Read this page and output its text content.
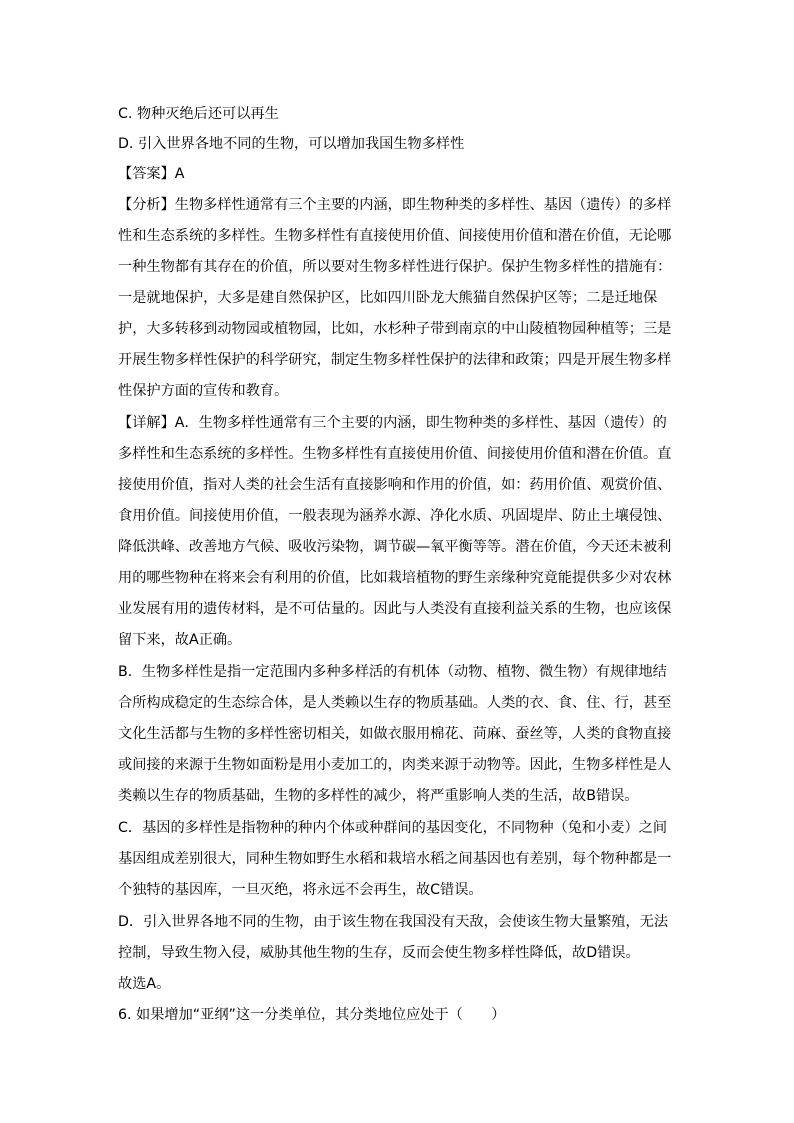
C. 物种灭绝后还可以再生
D. 引入世界各地不同的生物，可以增加我国生物多样性
【答案】A
【分析】生物多样性通常有三个主要的内涵，即生物种类的多样性、基因（遗传）的多样
性和生态系统的多样性。生物多样性有直接使用价值、间接使用价值和潜在价值，无论哪
一种生物都有其存在的价值，所以要对生物多样性进行保护。保护生物多样性的措施有：
一是就地保护，大多是建自然保护区，比如四川卧龙大熊猫自然保护区等；二是迁地保
护，大多转移到动物园或植物园，比如，水杉种子带到南京的中山陵植物园种植等；三是
开展生物多样性保护的科学研究，制定生物多样性保护的法律和政策；四是开展生物多样
性保护方面的宣传和教育。
【详解】A．生物多样性通常有三个主要的内涵，即生物种类的多样性、基因（遗传）的
多样性和生态系统的多样性。生物多样性有直接使用价值、间接使用价值和潜在价值。直
接使用价值，指对人类的社会生活有直接影响和作用的价值，如：药用价值、观赏价值、
食用价值。间接使用价值，一般表现为涵养水源、净化水质、巩固堤岸、防止土壤侵蚀、
降低洪峰、改善地方气候、吸收污染物，调节碳—氧平衡等等。潜在价值，今天还未被利
用的哪些物种在将来会有利用的价值，比如栽培植物的野生亲缘种究竟能提供多少对农林
业发展有用的遗传材料，是不可估量的。因此与人类没有直接利益关系的生物，也应该保
留下来，故A正确。
B．生物多样性是指一定范围内多种多样活的有机体（动物、植物、微生物）有规律地结
合所构成稳定的生态综合体，是人类赖以生存的物质基础。人类的衣、食、住、行，甚至
文化生活都与生物的多样性密切相关，如做衣服用棉花、苘麻、蚕丝等，人类的食物直接
或间接的来源于生物如面粉是用小麦加工的，肉类来源于动物等。因此，生物多样性是人
类赖以生存的物质基础，生物的多样性的减少，将严重影响人类的生活，故B错误。
C．基因的多样性是指物种的种内个体或种群间的基因变化，不同物种（兔和小麦）之间
基因组成差别很大，同种生物如野生水稻和栽培水稻之间基因也有差别，每个物种都是一
个独特的基因库，一旦灭绝，将永远不会再生，故C错误。
D．引入世界各地不同的生物，由于该生物在我国没有天敌，会使该生物大量繁殖，无法
控制，导致生物入侵，威胁其他生物的生存，反而会使生物多样性降低，故D错误。
故选A。
6. 如果增加“亚纲”这一分类单位，其分类地位应处于（　　）
